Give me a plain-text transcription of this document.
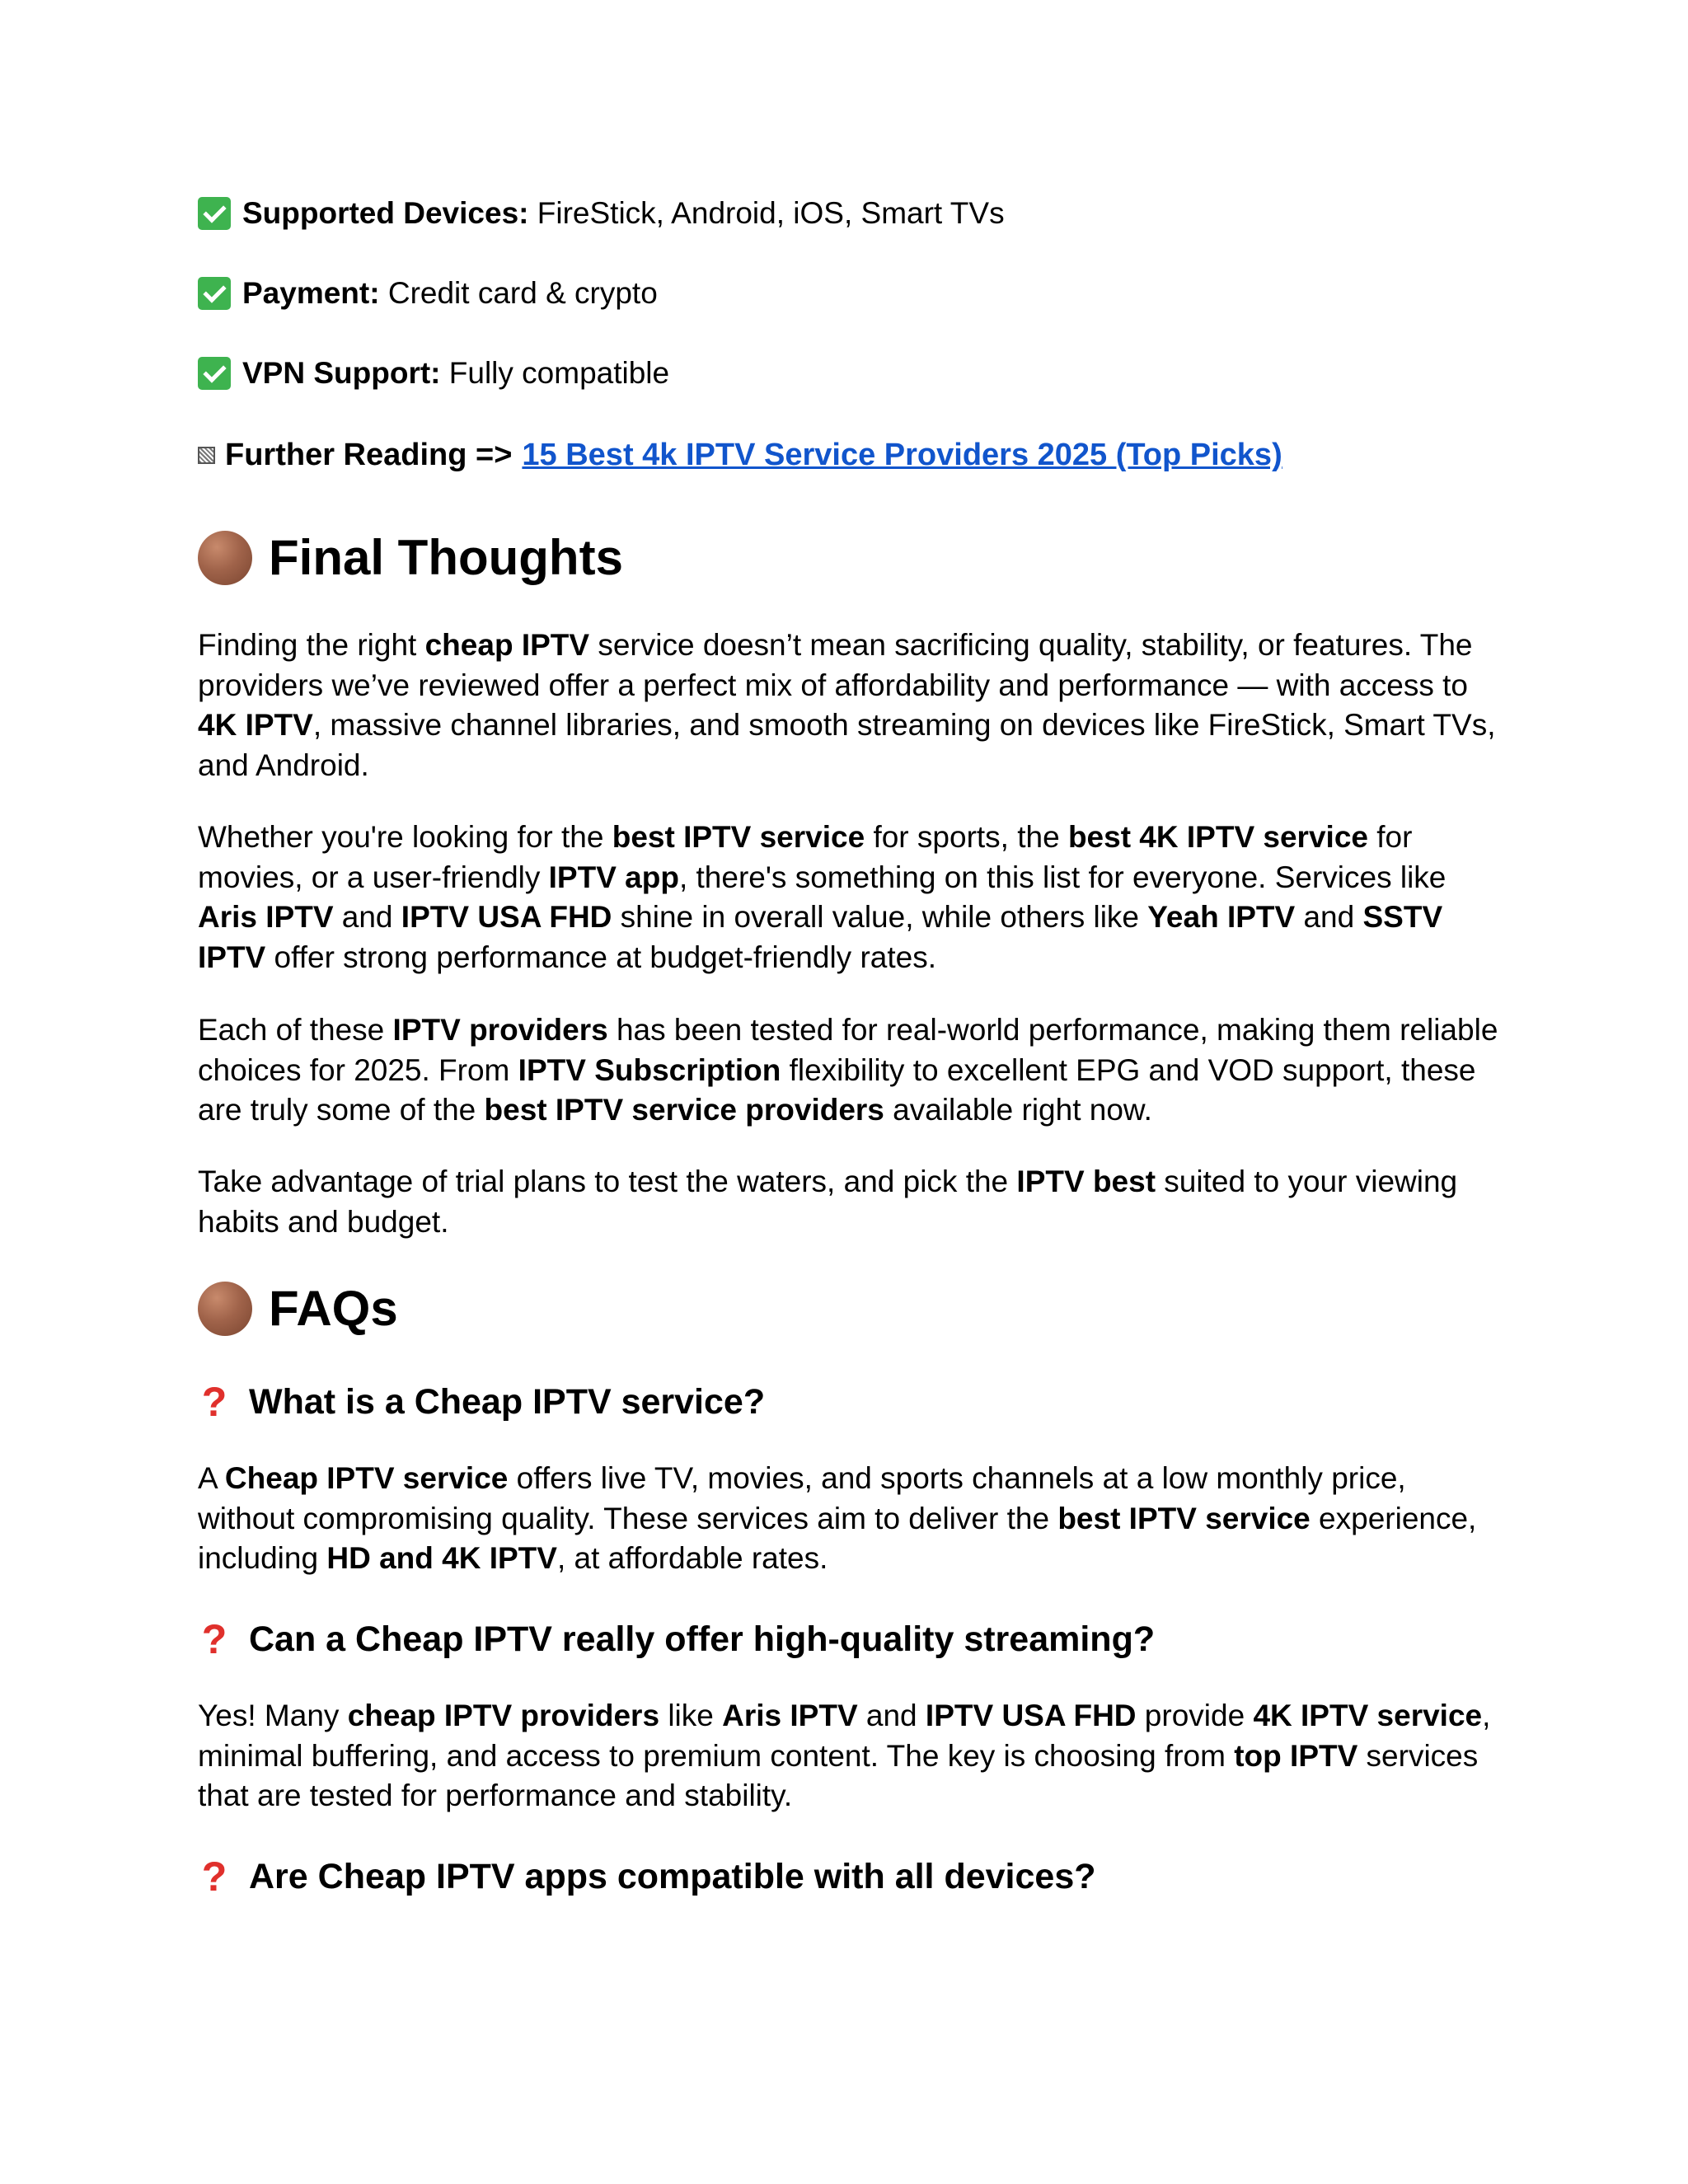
Supported Devices:
FireStick, Android, iOS, Smart TVs
Payment:
Credit card & crypto
VPN Support:
Fully compatible
Further Reading => 15 Best 4k IPTV Service Providers 2025 (Top Picks)
Final Thoughts

Finding the right cheap IPTV service doesn’t mean sacrificing quality, stability, or features. The providers we’ve reviewed offer a perfect mix of affordability and performance — with access to 4K IPTV, massive channel libraries, and smooth streaming on devices like FireStick, Smart TVs, and Android.

Whether you're looking for the best IPTV service for sports, the best 4K IPTV service for movies, or a user-friendly IPTV app, there's something on this list for everyone. Services like Aris IPTV and IPTV USA FHD shine in overall value, while others like Yeah IPTV and SSTV IPTV offer strong performance at budget-friendly rates.

Each of these IPTV providers has been tested for real-world performance, making them reliable choices for 2025. From IPTV Subscription flexibility to excellent EPG and VOD support, these are truly some of the best IPTV service providers available right now.

Take advantage of trial plans to test the waters, and pick the IPTV best suited to your viewing habits and budget.

FAQs
? What is a Cheap IPTV service?

A Cheap IPTV service offers live TV, movies, and sports channels at a low monthly price, without compromising quality. These services aim to deliver the best IPTV service experience, including HD and 4K IPTV, at affordable rates.

? Can a Cheap IPTV really offer high-quality streaming?

Yes! Many cheap IPTV providers like Aris IPTV and IPTV USA FHD provide 4K IPTV service, minimal buffering, and access to premium content. The key is choosing from top IPTV services that are tested for performance and stability.

? Are Cheap IPTV apps compatible with all devices?
